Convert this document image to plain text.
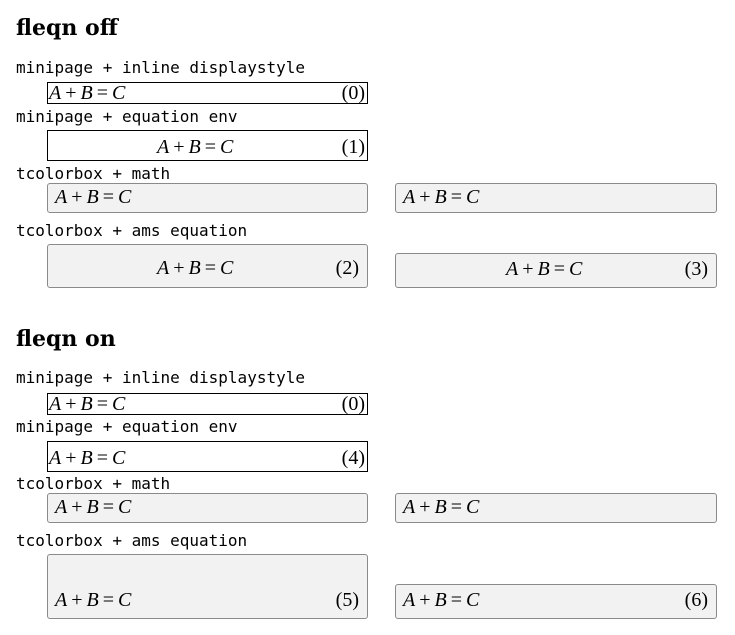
fleqn off
minipage + inline displaystyle
A + B = C	(0)
minipage + equation env
A + B = C	(1)
tcolorbox + math
A + B = C	A + B = C
tcolorbox + ams equation
A + B = C	(2)	A + B = C	(3)
fleqn on
minipage + inline displaystyle
A + B = C	(0)
minipage + equation env
A + B = C	(4)
tcolorbox + math
A + B = C	A + B = C
tcolorbox + ams equation
A + B = C	(5) A + B = C	(6)
